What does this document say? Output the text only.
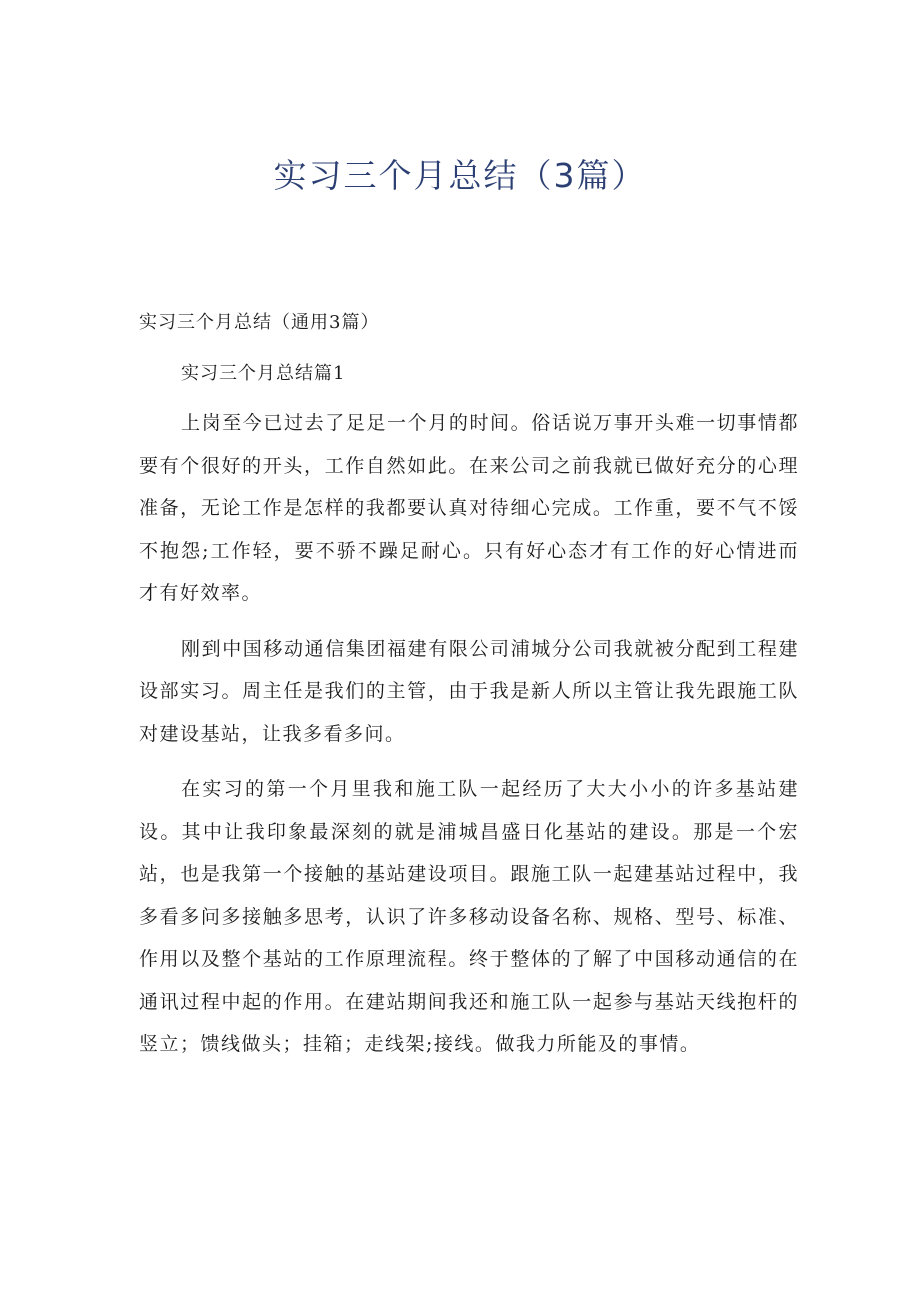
实习三个月总结（3篇）

实习三个月总结（通用3篇）

实习三个月总结篇1

上岗至今已过去了足足一个月的时间。俗话说万事开头难一切事情都要有个很好的开头，工作自然如此。在来公司之前我就已做好充分的心理准备，无论工作是怎样的我都要认真对待细心完成。工作重，要不气不馁不抱怨;工作轻，要不骄不躁足耐心。只有好心态才有工作的好心情进而才有好效率。

刚到中国移动通信集团福建有限公司浦城分公司我就被分配到工程建设部实习。周主任是我们的主管，由于我是新人所以主管让我先跟施工队对建设基站，让我多看多问。

在实习的第一个月里我和施工队一起经历了大大小小的许多基站建设。其中让我印象最深刻的就是浦城昌盛日化基站的建设。那是一个宏站，也是我第一个接触的基站建设项目。跟施工队一起建基站过程中，我多看多问多接触多思考，认识了许多移动设备名称、规格、型号、标准、作用以及整个基站的工作原理流程。终于整体的了解了中国移动通信的在通讯过程中起的作用。在建站期间我还和施工队一起参与基站天线抱杆的竖立；馈线做头；挂箱；走线架;接线。做我力所能及的事情。
